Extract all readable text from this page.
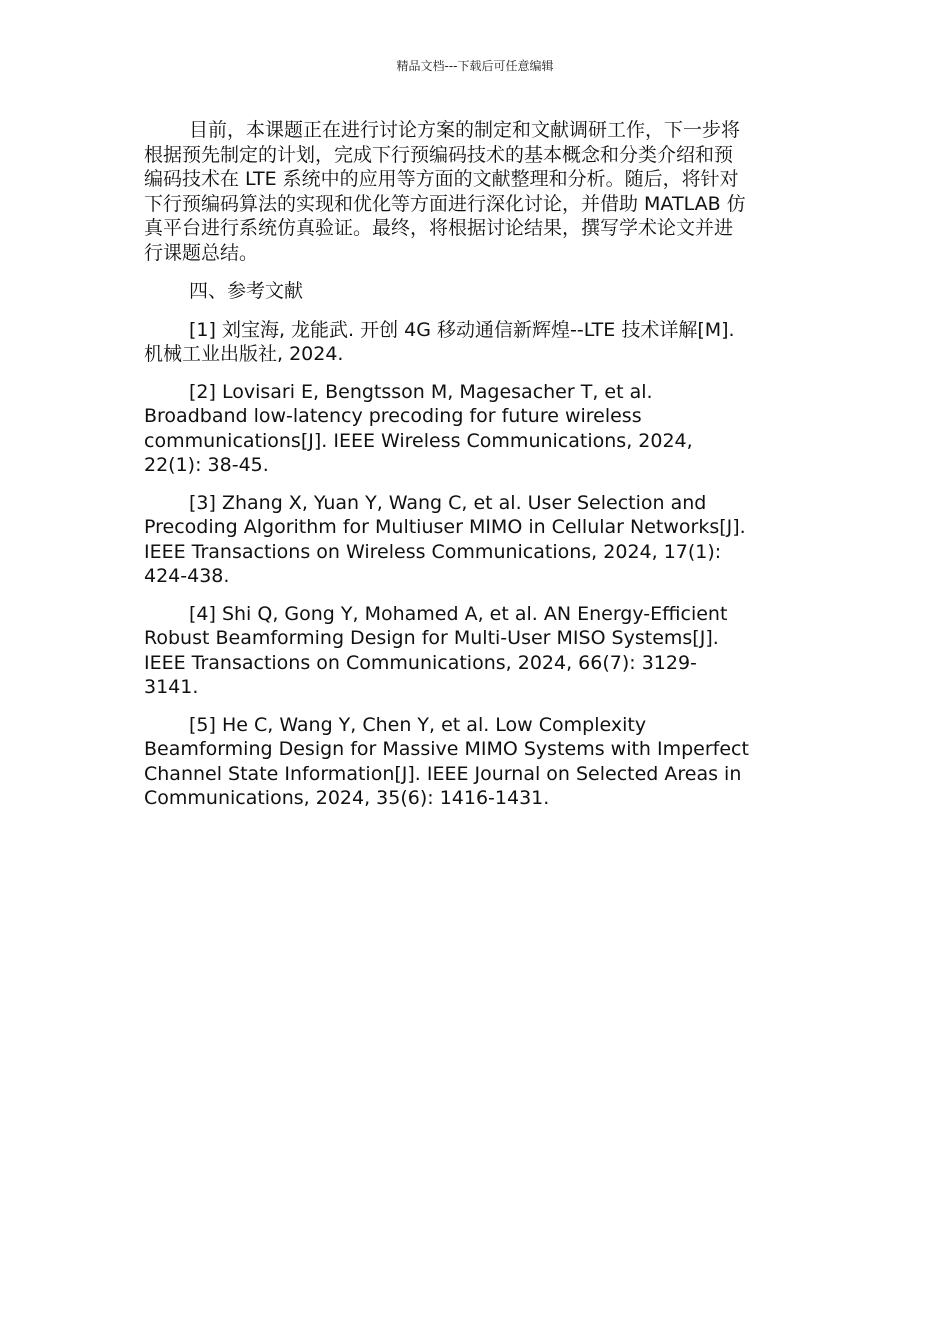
精品文档---下载后可任意编辑

目前，本课题正在进行讨论方案的制定和文献调研工作，下一步将
根据预先制定的计划，完成下行预编码技术的基本概念和分类介绍和预
编码技术在 LTE 系统中的应用等方面的文献整理和分析。随后，将针对
下行预编码算法的实现和优化等方面进行深化讨论，并借助 MATLAB 仿
真平台进行系统仿真验证。最终，将根据讨论结果，撰写学术论文并进
行课题总结。

四、参考文献

[1] 刘宝海, 龙能武. 开创 4G 移动通信新辉煌--LTE 技术详解[M].
机械工业出版社, 2024.

[2] Lovisari E, Bengtsson M, Magesacher T, et al.
Broadband low-latency precoding for future wireless
communications[J]. IEEE Wireless Communications, 2024,
22(1): 38-45.

[3] Zhang X, Yuan Y, Wang C, et al. User Selection and
Precoding Algorithm for Multiuser MIMO in Cellular Networks[J].
IEEE Transactions on Wireless Communications, 2024, 17(1):
424-438.

[4] Shi Q, Gong Y, Mohamed A, et al. AN Energy-Efficient
Robust Beamforming Design for Multi-User MISO Systems[J].
IEEE Transactions on Communications, 2024, 66(7): 3129-
3141.

[5] He C, Wang Y, Chen Y, et al. Low Complexity
Beamforming Design for Massive MIMO Systems with Imperfect
Channel State Information[J]. IEEE Journal on Selected Areas in
Communications, 2024, 35(6): 1416-1431.
